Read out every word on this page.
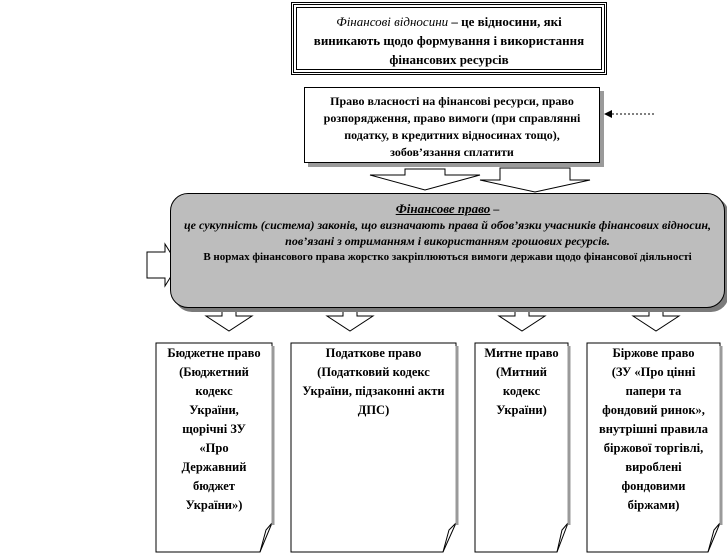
Фінансові відносини – це відносини, які виникають щодо формування і використання фінансових ресурсів
Право власності на фінансові ресурси, право розпорядження, право вимоги (при справлянні податку, в кредитних відносинах тощо), зобов’язання сплатити
Фінансове право –
це сукупність (система) законів, що визначають права й обов’язки учасників фінансових відносин, пов’язані з отриманням і використанням грошових ресурсів.
В нормах фінансового права жорстко закріплюються вимоги держави щодо фінансової діяльності
Бюджетне право
(Бюджетний кодекс України, щорічні ЗУ «Про Державний бюджет України»)
Податкове право
(Податковий кодекс України, підзаконні акти ДПС)
Митне право
(Митний кодекс України)
Біржове право
(ЗУ «Про цінні папери та фондовий ринок», внутрішні правила біржової торгівлі, вироблені фондовими біржами)
